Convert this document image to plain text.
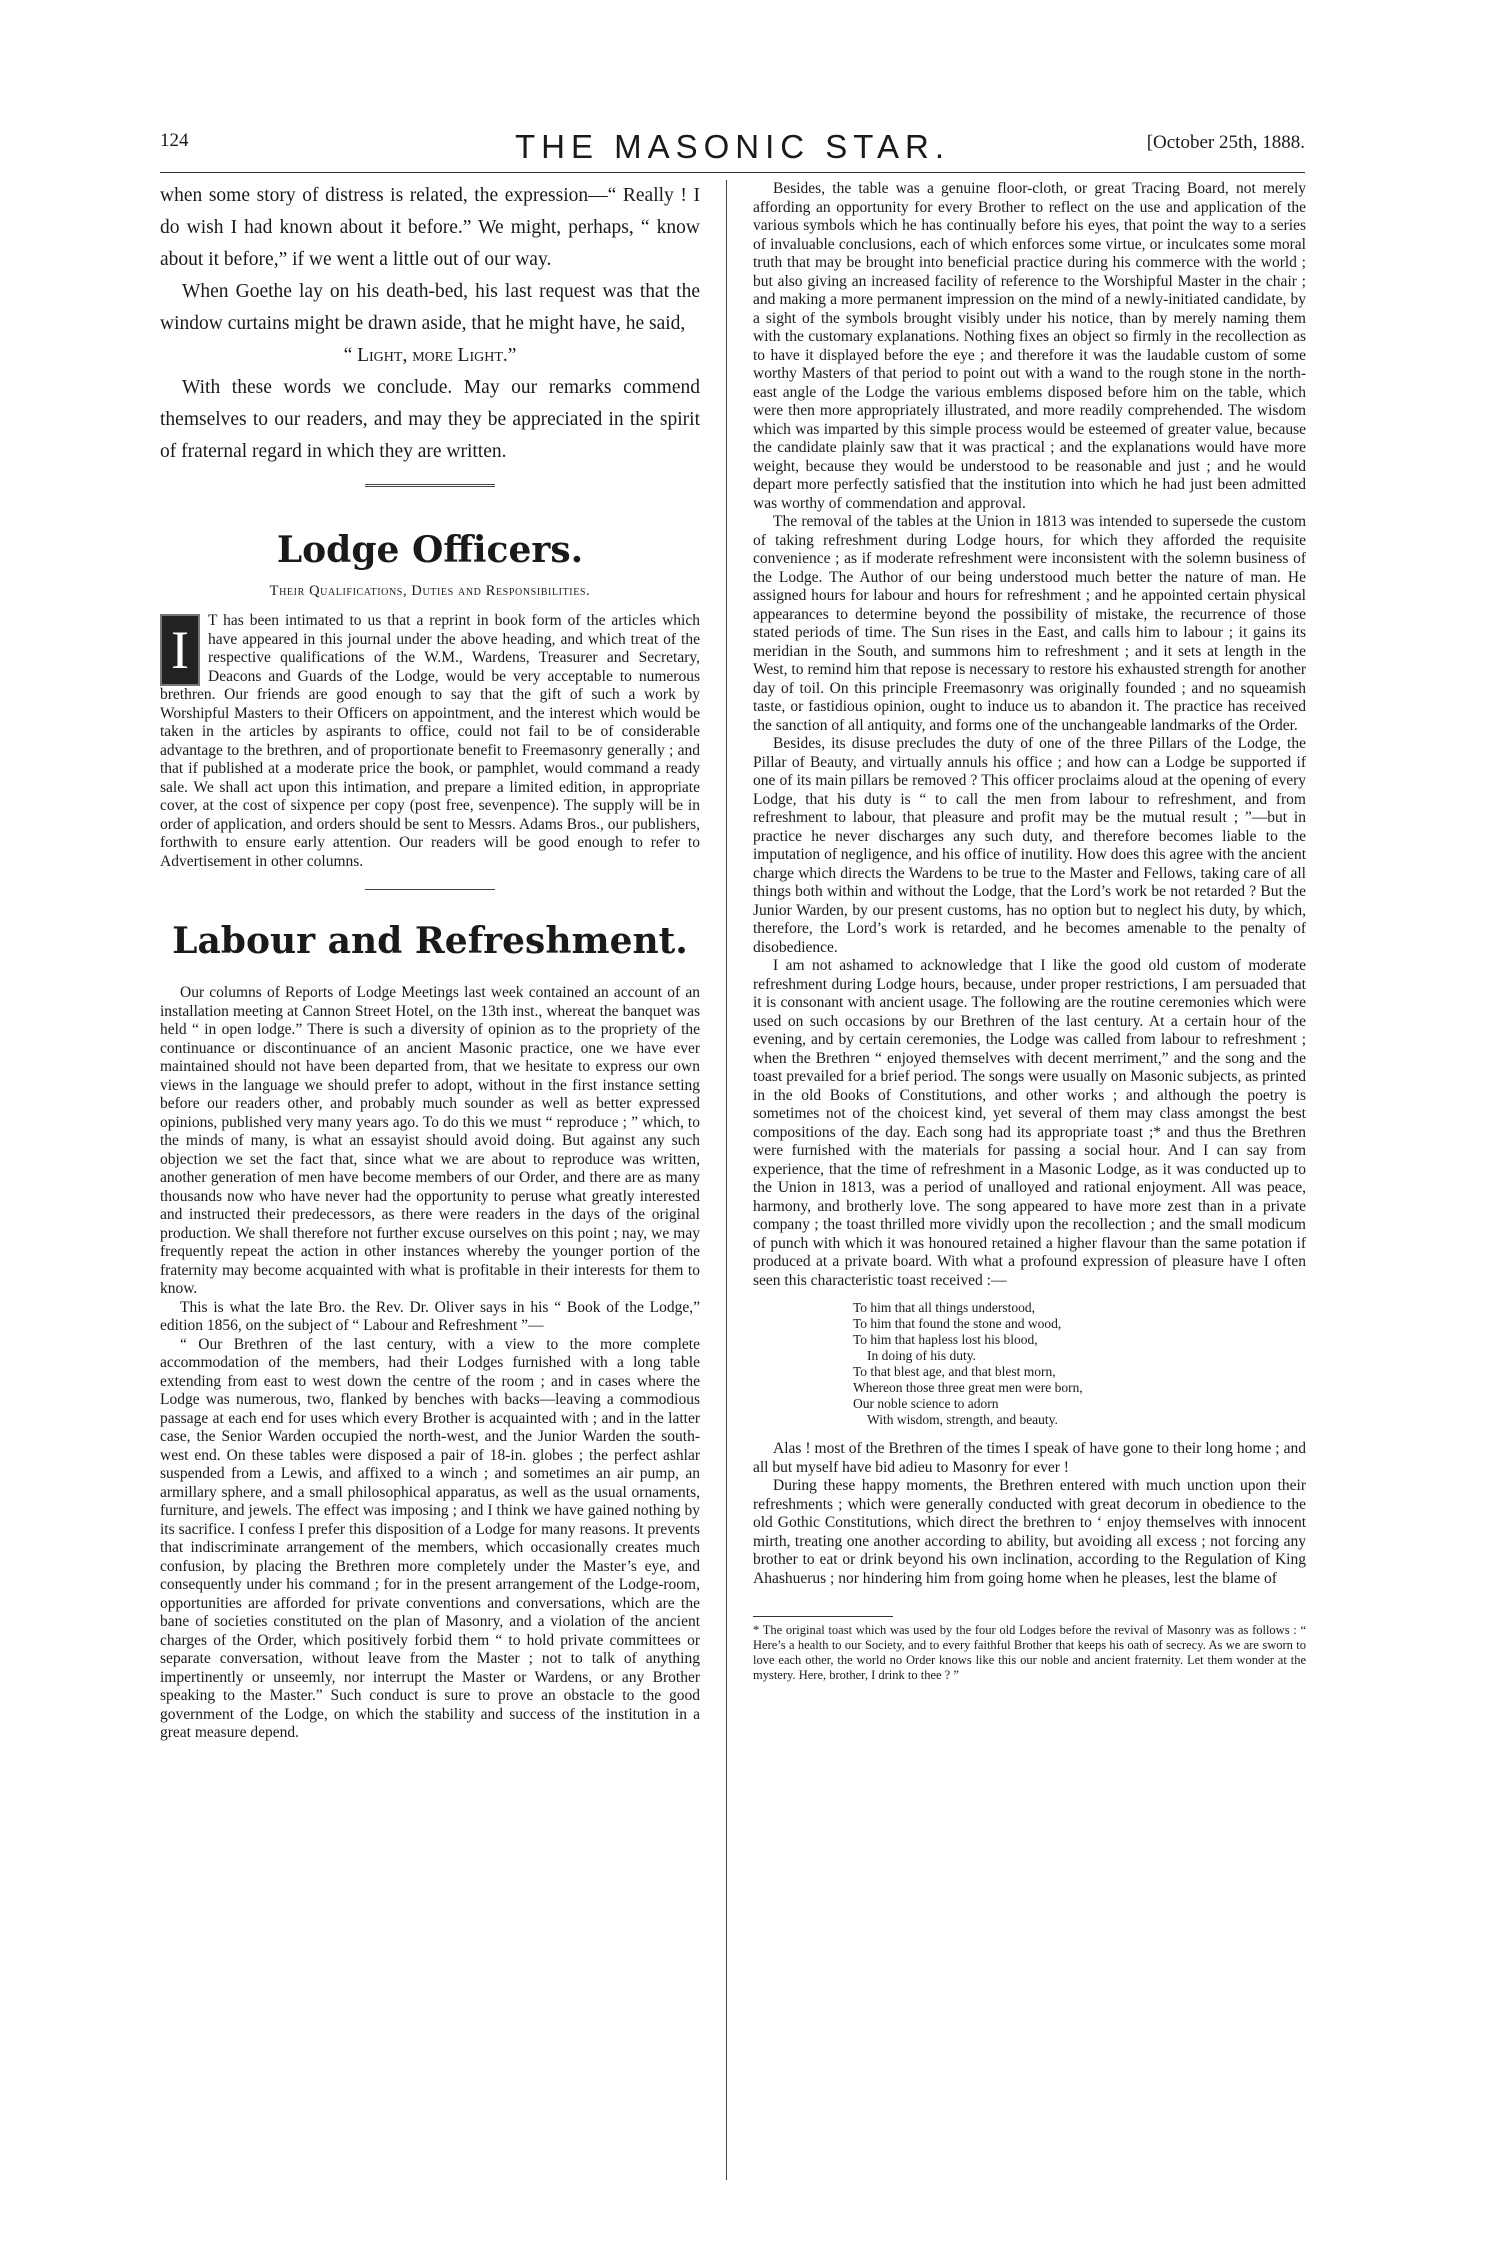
124	THE MASONIC STAR.	[October 25th, 1888.

when some story of distress is related, the expression—“ Really ! I do wish I had known about it before.” We might, perhaps, “ know about it before,” if we went a little out of our way.

When Goethe lay on his death-bed, his last request was that the window curtains might be drawn aside, that he might have, he said,

“ Light, more Light.”

With these words we conclude. May our remarks commend themselves to our readers, and may they be appreciated in the spirit of fraternal regard in which they are written.

Lodge Officers.
Their Qualifications, Duties and Responsibilities.
I	T has been intimated to us that a reprint in book form of the articles which have appeared in this journal under the above heading, and which treat of the respective qualifications of the W.M., Wardens, Treasurer and Secretary, Deacons and Guards of the Lodge, would be very acceptable to numerous brethren. Our friends are good enough to say that the gift of such a work by Worshipful Masters to their Officers on appointment, and the interest which would be taken in the articles by aspirants to office, could not fail to be of considerable advantage to the brethren, and of proportionate benefit to Freemasonry generally ; and that if published at a moderate price the book, or pamphlet, would command a ready sale. We shall act upon this intimation, and prepare a limited edition, in appropriate cover, at the cost of sixpence per copy (post free, sevenpence). The supply will be in order of application, and orders should be sent to Messrs. Adams Bros., our publishers, forthwith to ensure early attention. Our readers will be good enough to refer to Advertisement in other columns.

Labour and Refreshment.

Our columns of Reports of Lodge Meetings last week contained an account of an installation meeting at Cannon Street Hotel, on the 13th inst., whereat the banquet was held “ in open lodge.” There is such a diversity of opinion as to the propriety of the continuance or discontinuance of an ancient Masonic practice, one we have ever maintained should not have been departed from, that we hesitate to express our own views in the language we should prefer to adopt, without in the first instance setting before our readers other, and probably much sounder as well as better expressed opinions, published very many years ago. To do this we must “ reproduce ; ” which, to the minds of many, is what an essayist should avoid doing. But against any such objection we set the fact that, since what we are about to reproduce was written, another generation of men have become members of our Order, and there are as many thousands now who have never had the opportunity to peruse what greatly interested and instructed their predecessors, as there were readers in the days of the original production. We shall therefore not further excuse ourselves on this point ; nay, we may frequently repeat the action in other instances whereby the younger portion of the fraternity may become acquainted with what is profitable in their interests for them to know.

This is what the late Bro. the Rev. Dr. Oliver says in his “ Book of the Lodge,” edition 1856, on the subject of “ Labour and Refreshment ”—

“ Our Brethren of the last century, with a view to the more complete accommodation of the members, had their Lodges furnished with a long table extending from east to west down the centre of the room ; and in cases where the Lodge was numerous, two, flanked by benches with backs—leaving a commodious passage at each end for uses which every Brother is acquainted with ; and in the latter case, the Senior Warden occupied the north-west, and the Junior Warden the south-west end. On these tables were disposed a pair of 18-in. globes ; the perfect ashlar suspended from a Lewis, and affixed to a winch ; and sometimes an air pump, an armillary sphere, and a small philosophical apparatus, as well as the usual ornaments, furniture, and jewels. The effect was imposing ; and I think we have gained nothing by its sacrifice. I confess I prefer this disposition of a Lodge for many reasons. It prevents that indiscriminate arrangement of the members, which occasionally creates much confusion, by placing the Brethren more completely under the Master’s eye, and consequently under his command ; for in the present arrangement of the Lodge-room, opportunities are afforded for private conventions and conversations, which are the bane of societies constituted on the plan of Masonry, and a violation of the ancient charges of the Order, which positively forbid them “ to hold private committees or separate conversation, without leave from the Master ; not to talk of anything impertinently or unseemly, nor interrupt the Master or Wardens, or any Brother speaking to the Master.” Such conduct is sure to prove an obstacle to the good government of the Lodge, on which the stability and success of the institution in a great measure depend.

Besides, the table was a genuine floor-cloth, or great Tracing Board, not merely affording an opportunity for every Brother to reflect on the use and application of the various symbols which he has continually before his eyes, that point the way to a series of invaluable conclusions, each of which enforces some virtue, or inculcates some moral truth that may be brought into beneficial practice during his commerce with the world ; but also giving an increased facility of reference to the Worshipful Master in the chair ; and making a more permanent impression on the mind of a newly-initiated candidate, by a sight of the symbols brought visibly under his notice, than by merely naming them with the customary explanations. Nothing fixes an object so firmly in the recollection as to have it displayed before the eye ; and therefore it was the laudable custom of some worthy Masters of that period to point out with a wand to the rough stone in the north-east angle of the Lodge the various emblems disposed before him on the table, which were then more appropriately illustrated, and more readily comprehended. The wisdom which was imparted by this simple process would be esteemed of greater value, because the candidate plainly saw that it was practical ; and the explanations would have more weight, because they would be understood to be reasonable and just ; and he would depart more perfectly satisfied that the institution into which he had just been admitted was worthy of commendation and approval.

The removal of the tables at the Union in 1813 was intended to supersede the custom of taking refreshment during Lodge hours, for which they afforded the requisite convenience ; as if moderate refreshment were inconsistent with the solemn business of the Lodge. The Author of our being understood much better the nature of man. He assigned hours for labour and hours for refreshment ; and he appointed certain physical appearances to determine beyond the possibility of mistake, the recurrence of those stated periods of time. The Sun rises in the East, and calls him to labour ; it gains its meridian in the South, and summons him to refreshment ; and it sets at length in the West, to remind him that repose is necessary to restore his exhausted strength for another day of toil. On this principle Freemasonry was originally founded ; and no squeamish taste, or fastidious opinion, ought to induce us to abandon it. The practice has received the sanction of all antiquity, and forms one of the unchangeable landmarks of the Order.

Besides, its disuse precludes the duty of one of the three Pillars of the Lodge, the Pillar of Beauty, and virtually annuls his office ; and how can a Lodge be supported if one of its main pillars be removed ? This officer proclaims aloud at the opening of every Lodge, that his duty is “ to call the men from labour to refreshment, and from refreshment to labour, that pleasure and profit may be the mutual result ; ”—but in practice he never discharges any such duty, and therefore becomes liable to the imputation of negligence, and his office of inutility. How does this agree with the ancient charge which directs the Wardens to be true to the Master and Fellows, taking care of all things both within and without the Lodge, that the Lord’s work be not retarded ? But the Junior Warden, by our present customs, has no option but to neglect his duty, by which, therefore, the Lord’s work is retarded, and he becomes amenable to the penalty of disobedience.

I am not ashamed to acknowledge that I like the good old custom of moderate refreshment during Lodge hours, because, under proper restrictions, I am persuaded that it is consonant with ancient usage. The following are the routine ceremonies which were used on such occasions by our Brethren of the last century. At a certain hour of the evening, and by certain ceremonies, the Lodge was called from labour to refreshment ; when the Brethren “ enjoyed themselves with decent merriment,” and the song and the toast prevailed for a brief period. The songs were usually on Masonic subjects, as printed in the old Books of Constitutions, and other works ; and although the poetry is sometimes not of the choicest kind, yet several of them may class amongst the best compositions of the day. Each song had its appropriate toast ;* and thus the Brethren were furnished with the materials for passing a social hour. And I can say from experience, that the time of refreshment in a Masonic Lodge, as it was conducted up to the Union in 1813, was a period of unalloyed and rational enjoyment. All was peace, harmony, and brotherly love. The song appeared to have more zest than in a private company ; the toast thrilled more vividly upon the recollection ; and the small modicum of punch with which it was honoured retained a higher flavour than the same potation if produced at a private board. With what a profound expression of pleasure have I often seen this characteristic toast received :—

To him that all things understood,
To him that found the stone and wood,
To him that hapless lost his blood,
In doing of his duty.
To that blest age, and that blest morn,
Whereon those three great men were born,
Our noble science to adorn
With wisdom, strength, and beauty.

Alas ! most of the Brethren of the times I speak of have gone to their long home ; and all but myself have bid adieu to Masonry for ever !

During these happy moments, the Brethren entered with much unction upon their refreshments ; which were generally conducted with great decorum in obedience to the old Gothic Constitutions, which direct the brethren to ‘ enjoy themselves with innocent mirth, treating one another according to ability, but avoiding all excess ; not forcing any brother to eat or drink beyond his own inclination, according to the Regulation of King Ahashuerus ; nor hindering him from going home when he pleases, lest the blame of

* The original toast which was used by the four old Lodges before the revival of Masonry was as follows : “ Here’s a health to our Society, and to every faithful Brother that keeps his oath of secrecy. As we are sworn to love each other, the world no Order knows like this our noble and ancient fraternity. Let them wonder at the mystery. Here, brother, I drink to thee ? ”
